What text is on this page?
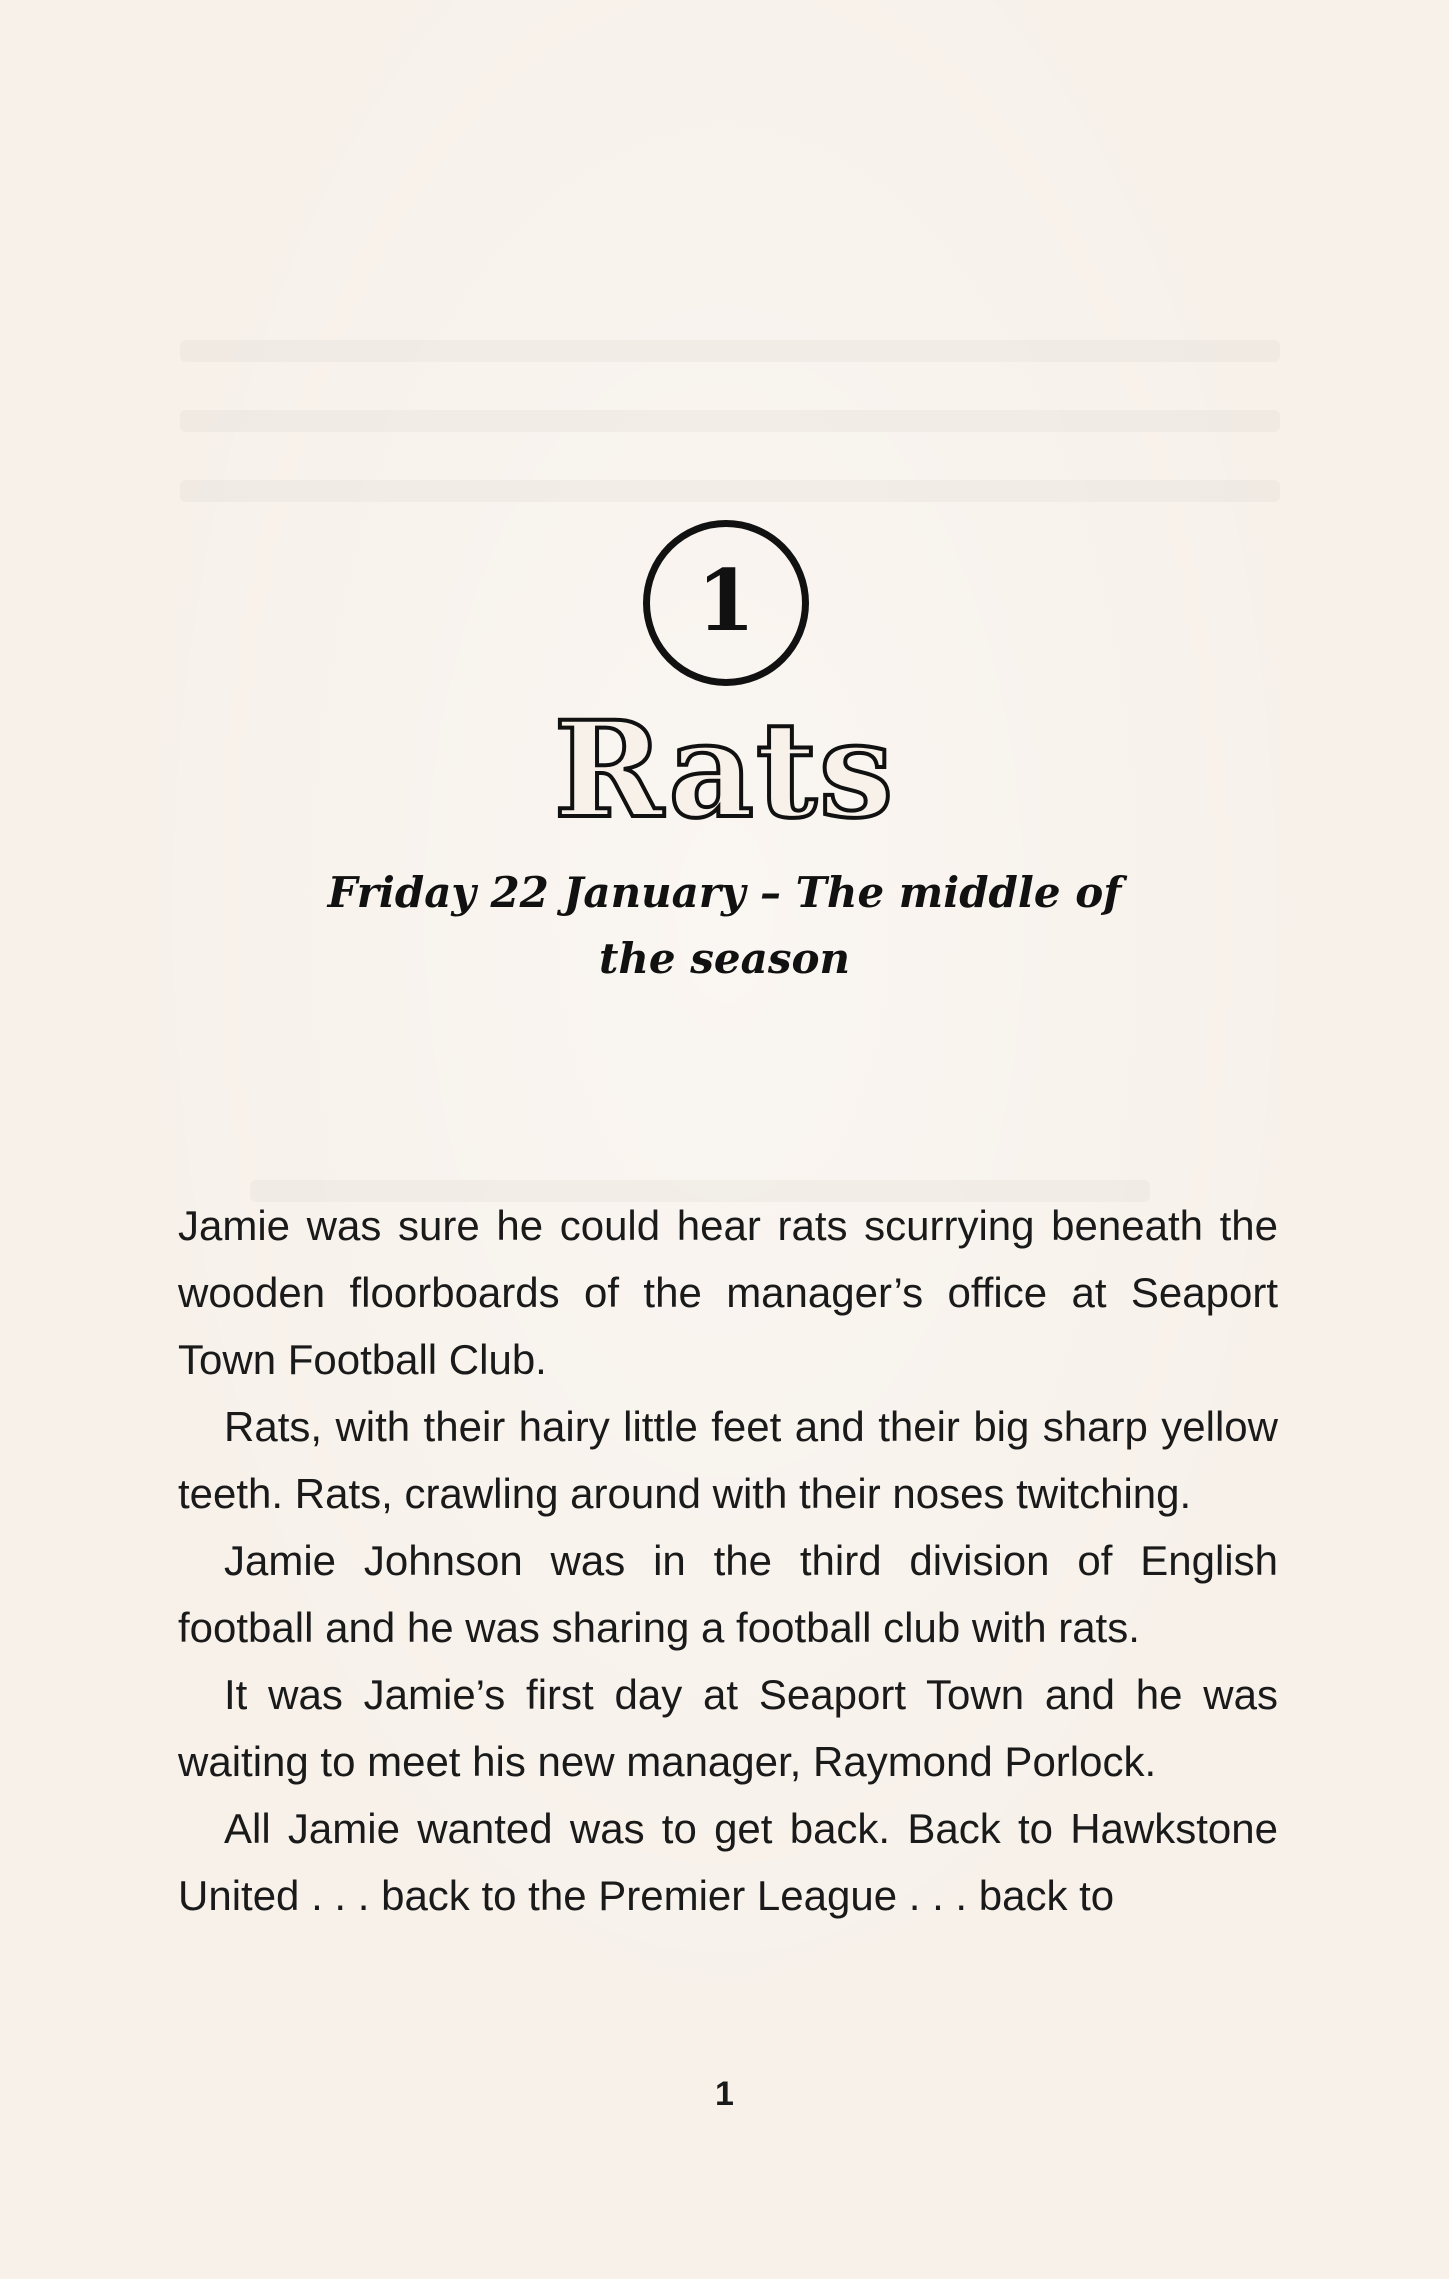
1
Rats
Friday 22 January – The middle of the season

Jamie was sure he could hear rats scurrying beneath the wooden floorboards of the manager’s office at Seaport Town Football Club.

Rats, with their hairy little feet and their big sharp yellow teeth. Rats, crawling around with their noses twitching.

Jamie Johnson was in the third division of English football and he was sharing a football club with rats.

It was Jamie’s first day at Seaport Town and he was waiting to meet his new manager, Raymond Porlock.

All Jamie wanted was to get back. Back to Hawkstone United . . . back to the Premier League . . . back to

1
